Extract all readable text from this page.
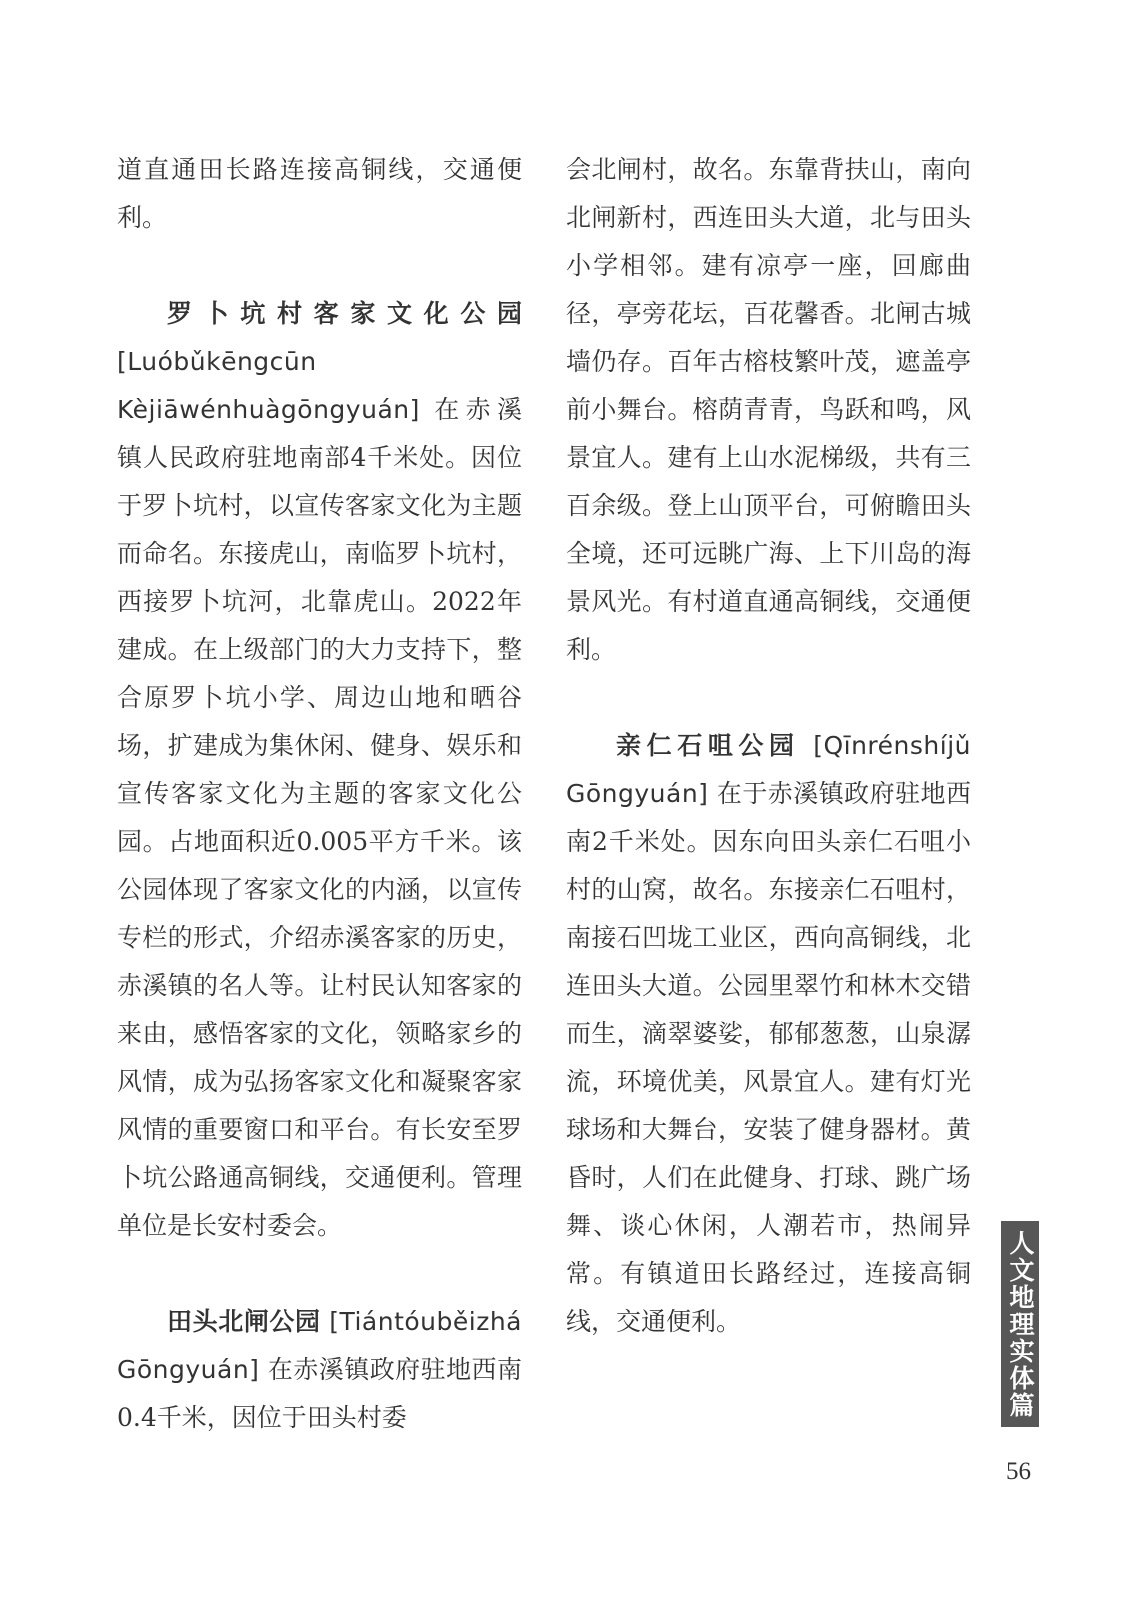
道直通田长路连接高铜线，交通便利。

罗卜坑村客家文化公园 [Luóbǔkēngcūn Kèjiāwénhuàgōngyuán] 在赤溪镇人民政府驻地南部4千米处。因位于罗卜坑村，以宣传客家文化为主题而命名。东接虎山，南临罗卜坑村，西接罗卜坑河，北靠虎山。2022年建成。在上级部门的大力支持下，整合原罗卜坑小学、周边山地和晒谷场，扩建成为集休闲、健身、娱乐和宣传客家文化为主题的客家文化公园。占地面积近0.005平方千米。该公园体现了客家文化的内涵，以宣传专栏的形式，介绍赤溪客家的历史，赤溪镇的名人等。让村民认知客家的来由，感悟客家的文化，领略家乡的风情，成为弘扬客家文化和凝聚客家风情的重要窗口和平台。有长安至罗卜坑公路通高铜线，交通便利。管理单位是长安村委会。

田头北闸公园 [Tiántóuběizhá Gōngyuán] 在赤溪镇政府驻地西南0.4千米，因位于田头村委

会北闸村，故名。东靠背扶山，南向北闸新村，西连田头大道，北与田头小学相邻。建有凉亭一座，回廊曲径，亭旁花坛，百花馨香。北闸古城墙仍存。百年古榕枝繁叶茂，遮盖亭前小舞台。榕荫青青，鸟跃和鸣，风景宜人。建有上山水泥梯级，共有三百余级。登上山顶平台，可俯瞻田头全境，还可远眺广海、上下川岛的海景风光。有村道直通高铜线，交通便利。

亲仁石咀公园 [Qīnrénshíjǔ Gōngyuán] 在于赤溪镇政府驻地西南2千米处。因东向田头亲仁石咀小村的山窝，故名。东接亲仁石咀村，南接石凹垅工业区，西向高铜线，北连田头大道。公园里翠竹和林木交错而生，滴翠婆娑，郁郁葱葱，山泉潺流，环境优美，风景宜人。建有灯光球场和大舞台，安装了健身器材。黄昏时，人们在此健身、打球、跳广场舞、谈心休闲，人潮若市，热闹异常。有镇道田长路经过，连接高铜线，交通便利。	人文地理实体篇
56
